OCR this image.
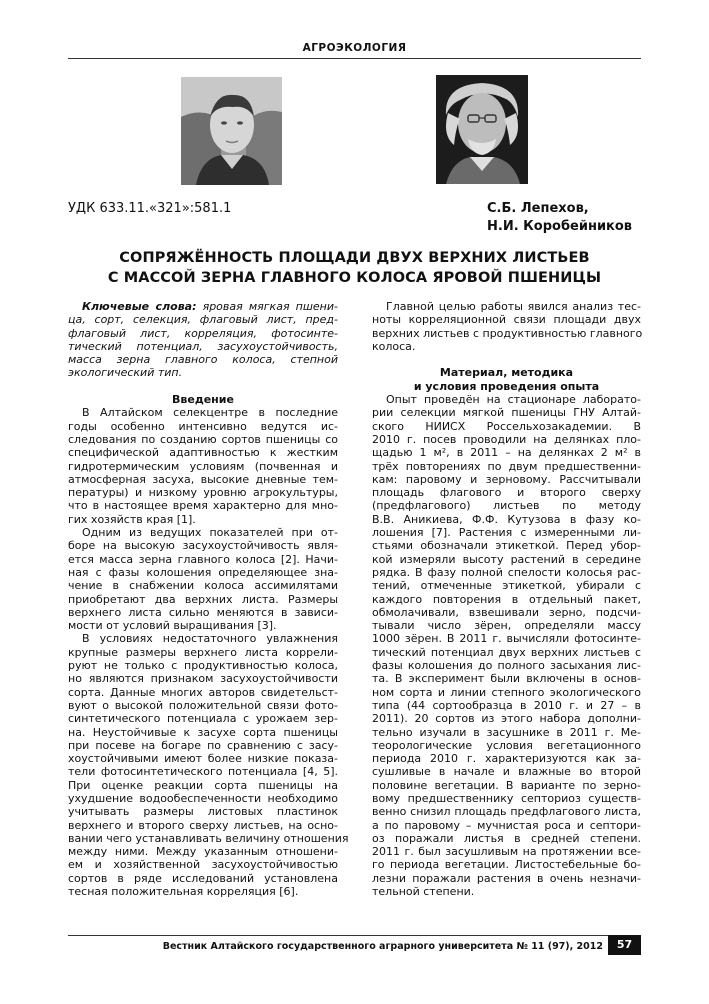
АГРОЭКОЛОГИЯ
УДК 633.11.«321»:581.1	С.Б. Лепехов,
Н.И. Коробейников
СОПРЯЖЁННОСТЬ ПЛОЩАДИ ДВУХ ВЕРХНИХ ЛИСТЬЕВ
С МАССОЙ ЗЕРНА ГЛАВНОГО КОЛОСА ЯРОВОЙ ПШЕНИЦЫ
Ключевые слова: яровая мягкая пшени-
ца, сорт, селекция, флаговый лист, пред-
флаговый лист, корреляция, фотосинте-
тический потенциал, засухоустойчивость,
масса зерна главного колоса, степной
экологический тип.
Введение
В Алтайском селекцентре в последние
годы особенно интенсивно ведутся ис-
следования по созданию сортов пшеницы со
специфической адаптивностью к жестким
гидротермическим условиям (почвенная и
атмосферная засуха, высокие дневные тем-
пературы) и низкому уровню агрокультуры,
что в настоящее время характерно для мно-
гих хозяйств края [1].
Одним из ведущих показателей при от-
боре на высокую засухоустойчивость явля-
ется масса зерна главного колоса [2]. Начи-
ная с фазы колошения определяющее зна-
чение в снабжении колоса ассимилятами
приобретают два верхних листа. Размеры
верхнего листа сильно меняются в зависи-
мости от условий выращивания [3].
В условиях недостаточного увлажнения
крупные размеры верхнего листа коррели-
руют не только с продуктивностью колоса,
но являются признаком засухоустойчивости
сорта. Данные многих авторов свидетельст-
вуют о высокой положительной связи фото-
синтетического потенциала с урожаем зер-
на. Неустойчивые к засухе сорта пшеницы
при посеве на богаре по сравнению с засу-
хоустойчивыми имеют более низкие показа-
тели фотосинтетического потенциала [4, 5].
При оценке реакции сорта пшеницы на
ухудшение водообеспеченности необходимо
учитывать размеры листовых пластинок
верхнего и второго сверху листьев, на осно-
вании чего устанавливать величину отношения
между ними. Между указанным отношени-
ем и хозяйственной засухоустойчивостью
сортов в ряде исследований установлена
тесная положительная корреляция [6].
Главной целью работы явился анализ тес-
ноты корреляционной связи площади двух
верхних листьев с продуктивностью главного
колоса.
Материал, методика
и условия проведения опыта
Опыт проведён на стационаре лаборато-
рии селекции мягкой пшеницы ГНУ Алтай-
ского НИИСХ Россельхозакадемии. В
2010 г. посев проводили на делянках пло-
щадью 1 м², в 2011 – на делянках 2 м² в
трёх повторениях по двум предшественни-
кам: паровому и зерновому. Рассчитывали
площадь флагового и второго сверху
(предфлагового) листьев по методу
В.В. Аникиева, Ф.Ф. Кутузова в фазу ко-
лошения [7]. Растения с измеренными ли-
стьями обозначали этикеткой. Перед убор-
кой измеряли высоту растений в середине
рядка. В фазу полной спелости колосья рас-
тений, отмеченные этикеткой, убирали с
каждого повторения в отдельный пакет,
обмолачивали, взвешивали зерно, подсчи-
тывали число зёрен, определяли массу
1000 зёрен. В 2011 г. вычисляли фотосинте-
тический потенциал двух верхних листьев с
фазы колошения до полного засыхания лис-
та. В эксперимент были включены в основ-
ном сорта и линии степного экологического
типа (44 сортообразца в 2010 г. и 27 – в
2011). 20 сортов из этого набора дополни-
тельно изучали в засушнике в 2011 г. Ме-
теорологические условия вегетационного
периода 2010 г. характеризуются как за-
сушливые в начале и влажные во второй
половине вегетации. В варианте по зерно-
вому предшественнику септориоз существ-
венно снизил площадь предфлагового листа,
а по паровому – мучнистая роса и септори-
оз поражали листья в средней степени.
2011 г. был засушливым на протяжении все-
го периода вегетации. Листостебельные бо-
лезни поражали растения в очень незначи-
тельной степени.
Вестник Алтайского государственного аграрного университета № 11 (97), 2012	57
